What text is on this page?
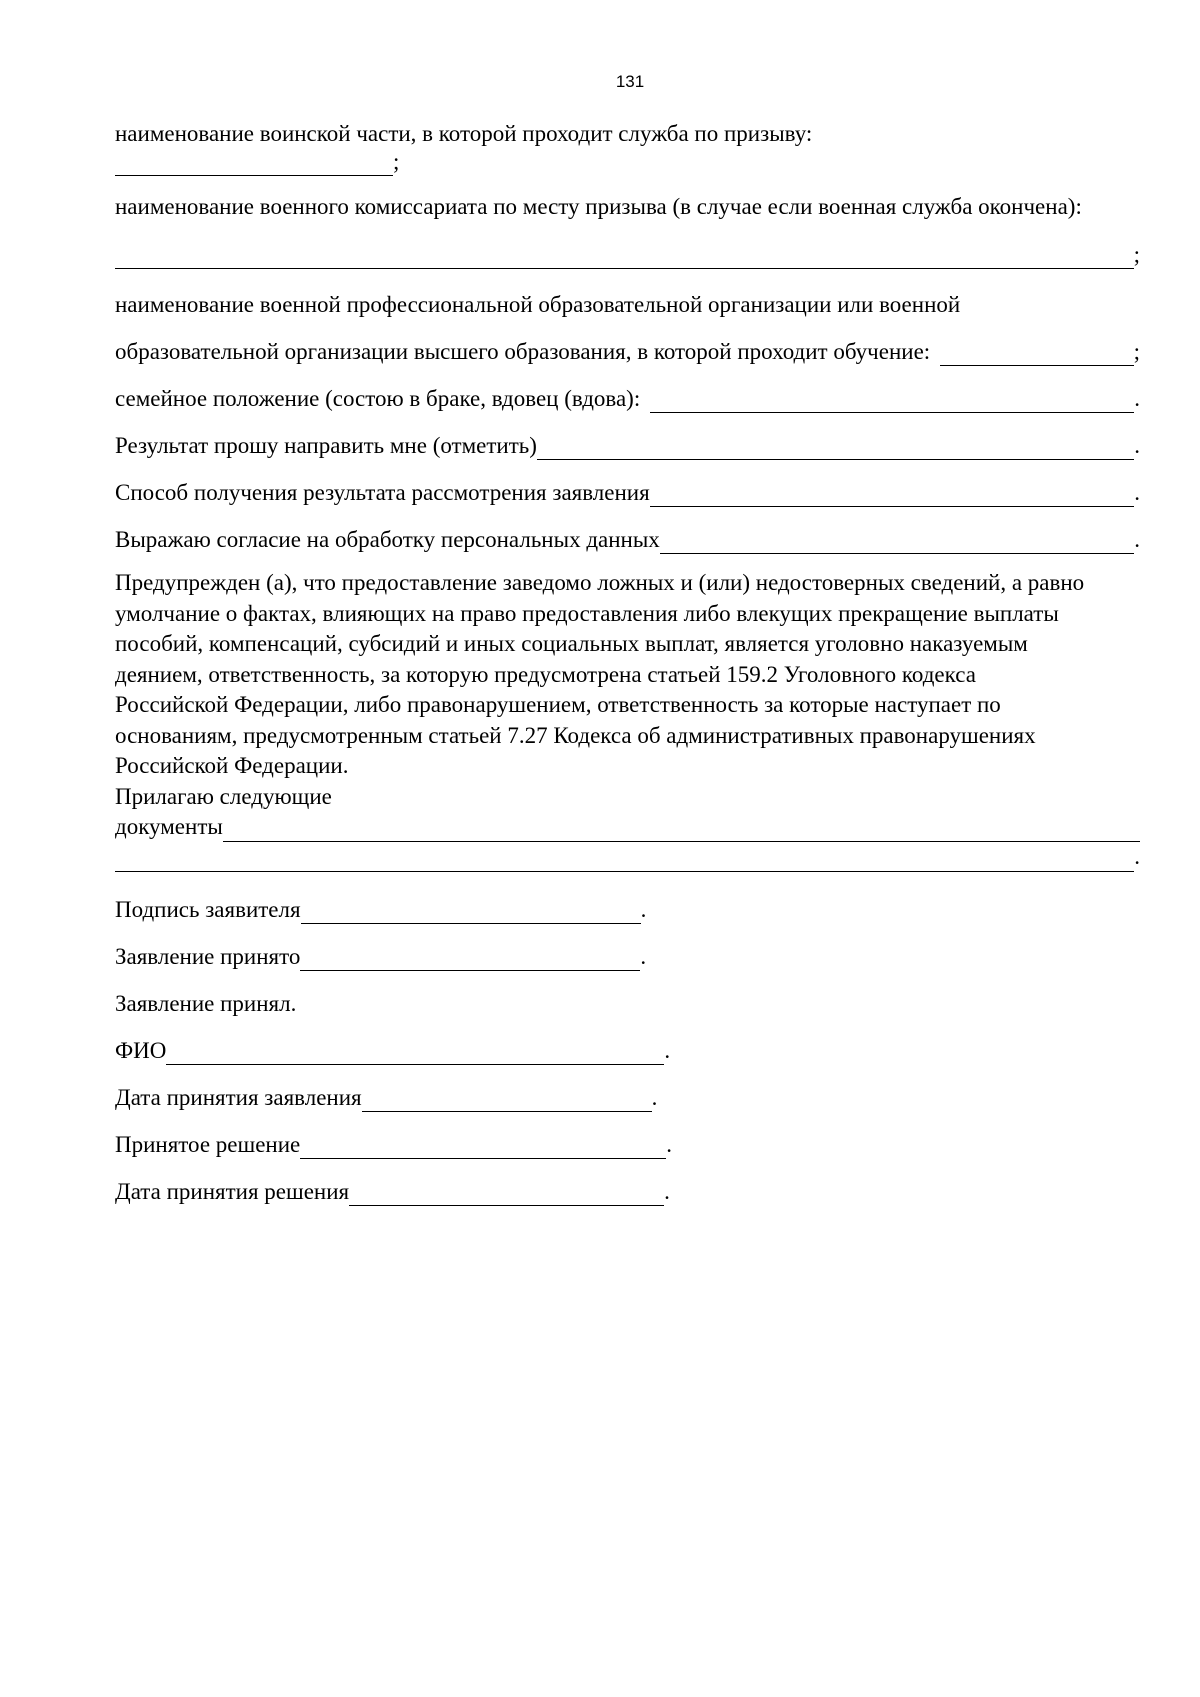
131
наименование воинской части, в которой проходит служба по призыву:
;
наименование военного комиссариата по месту призыва (в случае если военная служба окончена):
;
наименование военной профессиональной образовательной организации или военной
образовательной организации высшего образования, в которой проходит обучение:	;
семейное положение (состою в браке, вдовец (вдова):	.
Результат прошу направить мне (отметить)	.
Способ получения результата рассмотрения заявления	.
Выражаю согласие на обработку персональных данных	.

Предупрежден (а), что предоставление заведомо ложных и (или) недостоверных сведений, а равно

умолчание о фактах, влияющих на право предоставления либо влекущих прекращение выплаты

пособий, компенсаций, субсидий и иных социальных выплат, является уголовно наказуемым

деянием, ответственность, за которую предусмотрена статьей 159.2 Уголовного кодекса

Российской Федерации, либо правонарушением, ответственность за которые наступает по

основаниям, предусмотренным статьей 7.27 Кодекса об административных правонарушениях

Российской Федерации.

Прилагаю следующие

документы
.
Подпись заявителя	.
Заявление принято	.
Заявление принял.
ФИО	.
Дата принятия заявления	.
Принятое решение	.
Дата принятия решения	.
